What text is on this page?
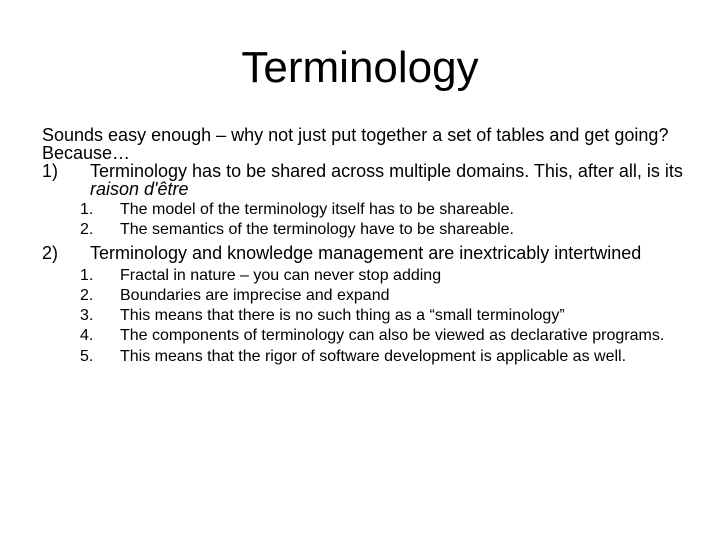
Terminology
Sounds easy enough – why not just put together a set of tables and get going?
Because…
1) Terminology has to be shared across multiple domains. This, after all, is its raison d'être
1. The model of the terminology itself has to be shareable.
2. The semantics of the terminology have to be shareable.
2) Terminology and knowledge management are inextricably intertwined
1. Fractal in nature – you can never stop adding
2. Boundaries are imprecise and expand
3. This means that there is no such thing as a “small terminology”
4. The components of terminology can also be viewed as declarative programs.
5. This means that the rigor of software development is applicable as well.
